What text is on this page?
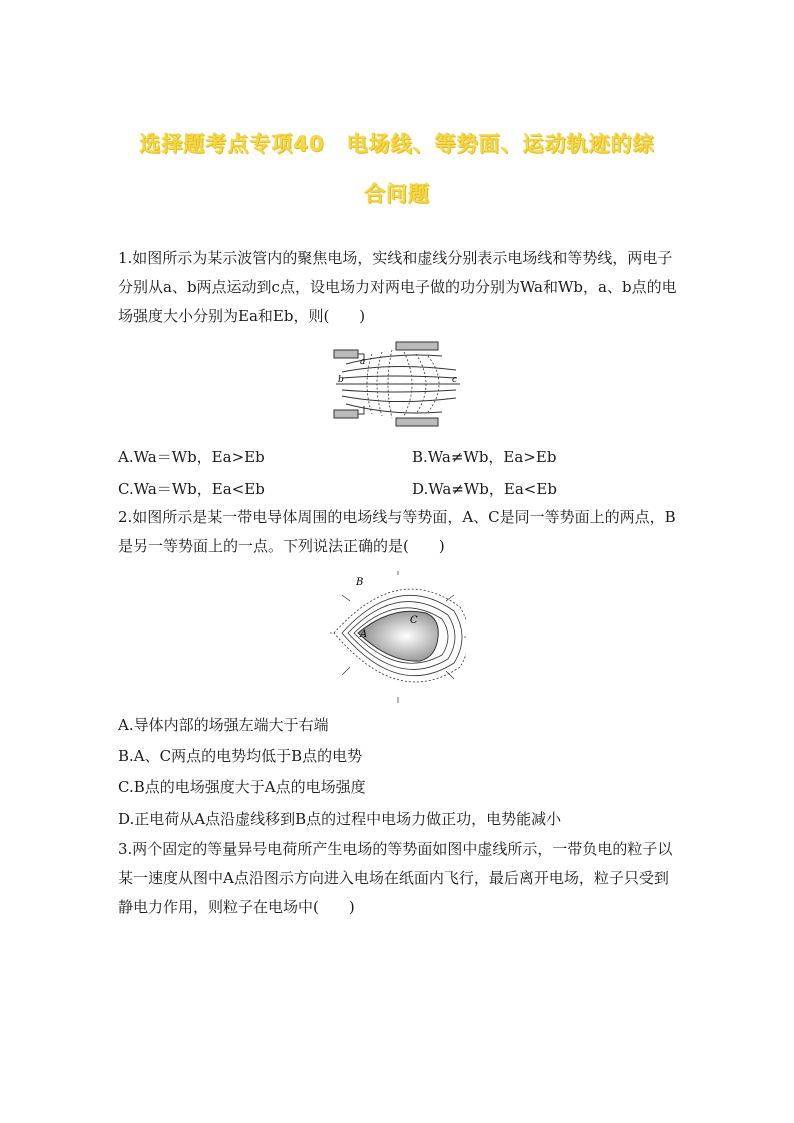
选择题考点专项40　电场线、等势面、运动轨迹的综
合问题

1.如图所示为某示波管内的聚焦电场，实线和虚线分别表示电场线和等势线，两电子分别从a、b两点运动到c点，设电场力对两电子做的功分别为Wa和Wb，a、b点的电场强度大小分别为Ea和Eb，则(　　)

a
b	c
A.Wa＝Wb，Ea>Eb	B.Wa≠Wb，Ea>Eb
C.Wa＝Wb，Ea<Eb	D.Wa≠Wb，Ea<Eb

2.如图所示是某一带电导体周围的电场线与等势面，A、C是同一等势面上的两点，B是另一等势面上的一点。下列说法正确的是(　　)

A
B
C
A.导体内部的场强左端大于右端
B.A、C两点的电势均低于B点的电势
C.B点的电场强度大于A点的电场强度
D.正电荷从A点沿虚线移到B点的过程中电场力做正功，电势能减小

3.两个固定的等量异号电荷所产生电场的等势面如图中虚线所示，一带负电的粒子以某一速度从图中A点沿图示方向进入电场在纸面内飞行，最后离开电场，粒子只受到静电力作用，则粒子在电场中(　　)
